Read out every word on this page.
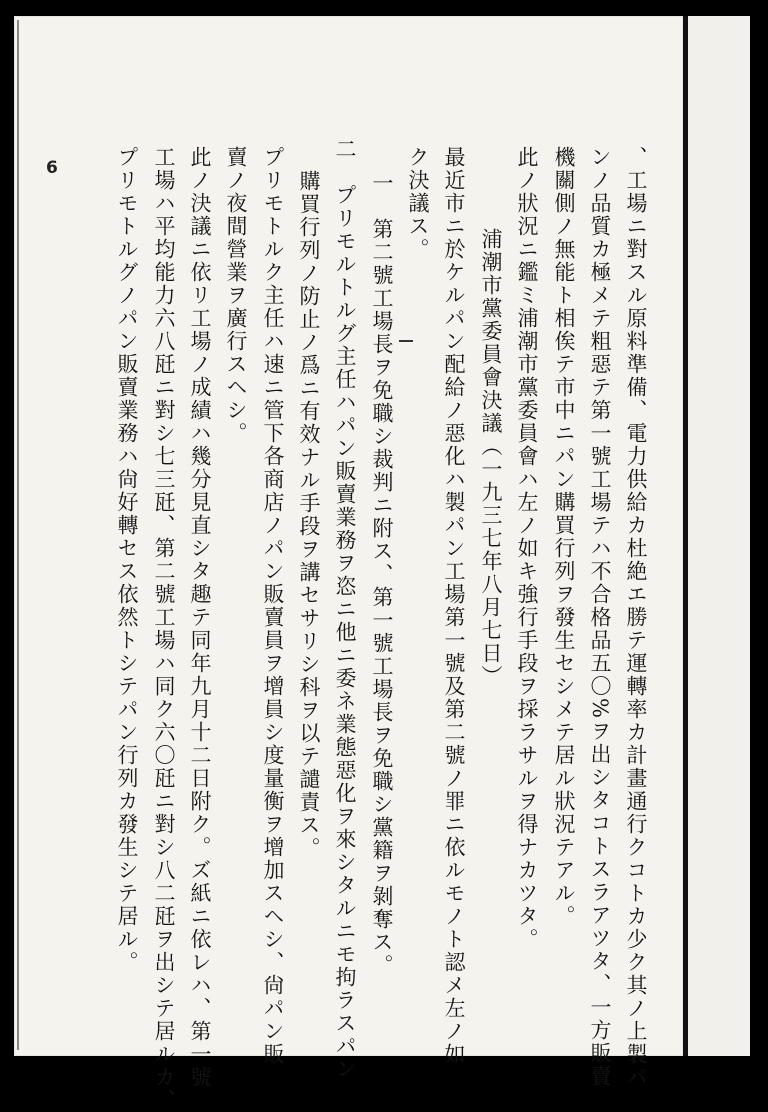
6	、工場ニ對スル原料準備、電力供給カ杜絶エ勝テ運轉率カ計畫通行クコトカ少ク其ノ上製パ
ンノ品質カ極メテ粗惡テ第一號工場テハ不合格品五〇%ヲ出シタコトスラアツタ、一方販賣
機關側ノ無能ト相俟テ市中ニパン購買行列ヲ發生セシメテ居ル狀況テアル。
此ノ狀況ニ鑑ミ浦潮市黨委員會ハ左ノ如キ強行手段ヲ採ラサルヲ得ナカツタ。
浦潮市黨委員會決議（一九三七年八月七日）
最近市ニ於ケルパン配給ノ惡化ハ製パン工場第一號及第二號ノ罪ニ依ルモノト認メ左ノ如
ク決議ス。
一　第二號工場長ヲ免職シ裁判ニ附ス、第一號工場長ヲ免職シ黨籍ヲ剝奪ス。
二　プリモルトルグ主任ハパン販賣業務ヲ恣ニ他ニ委ネ業態惡化ヲ來シタルニモ拘ラスパン
購買行列ノ防止ノ爲ニ有效ナル手段ヲ講セサリシ科ヲ以テ譴責ス。
プリモトルク主任ハ速ニ管下各商店ノパン販賣員ヲ增員シ度量衡ヲ增加スヘシ、尙パン販
賣ノ夜間營業ヲ廣行スヘシ。
此ノ決議ニ依リ工場ノ成績ハ幾分見直シタ趣テ同年九月十二日附ク。ズ紙ニ依レハ、第一號
工場ハ平均能力六八瓩ニ對シ七三瓩、第二號工場ハ同ク六〇瓩ニ對シ八二瓩ヲ出シテ居ルカ、
プリモトルグノパン販賣業務ハ尙好轉セス依然トシテパン行列カ發生シテ居ル。
